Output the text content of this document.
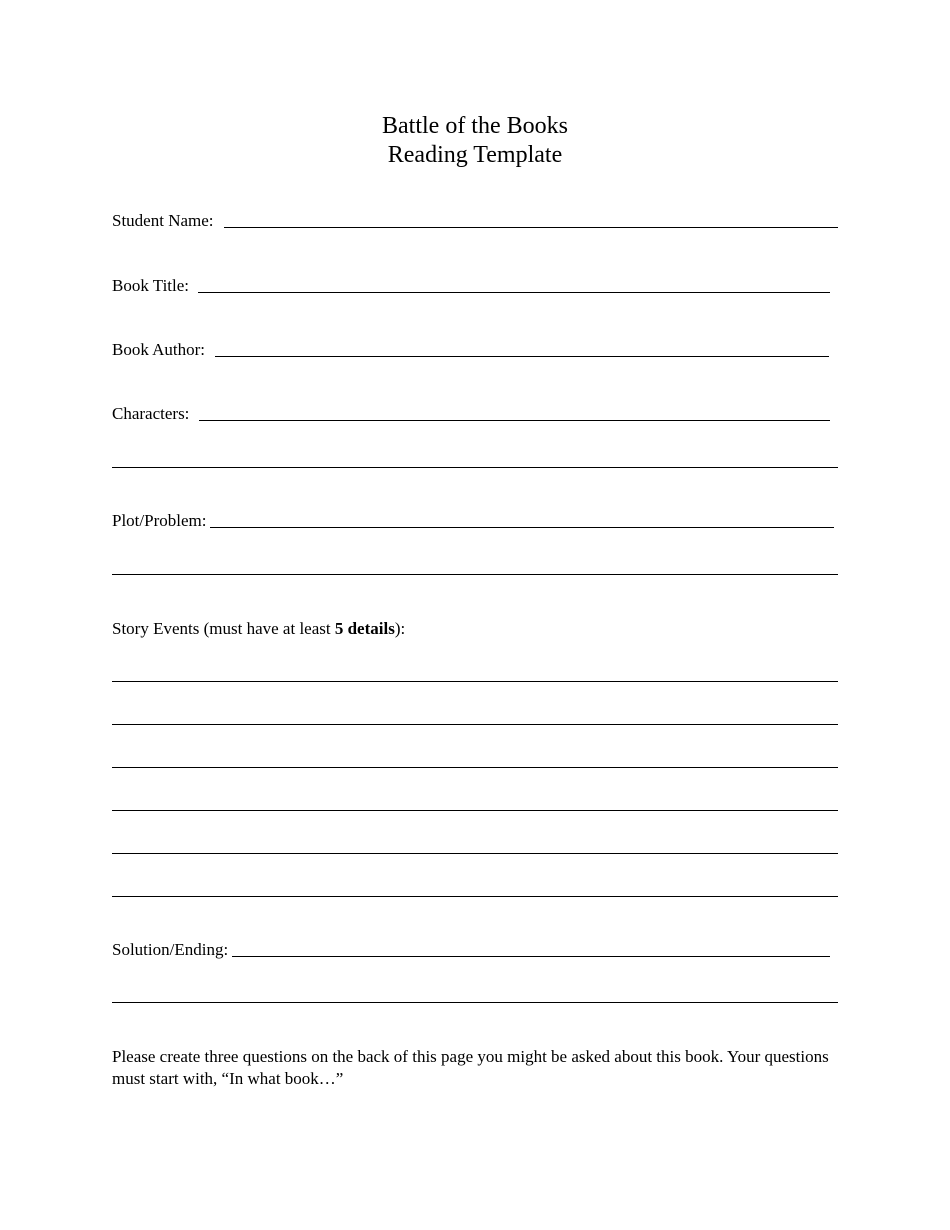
Battle of the Books
Reading Template
Student Name:
Book Title:
Book Author:
Characters:
Plot/Problem:
Story Events (must have at least 5 details):
Solution/Ending:
Please create three questions on the back of this page you might be asked about this book. Your questions must start with, “In what book…”
